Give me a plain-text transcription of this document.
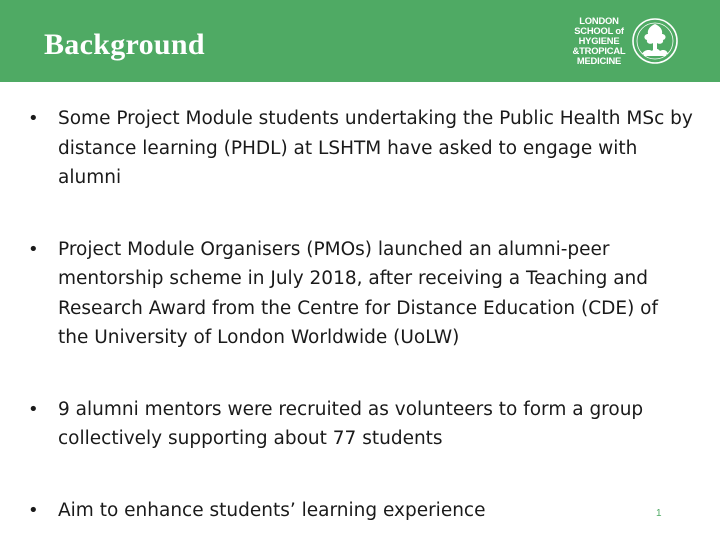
Background
LONDON
SCHOOL of
HYGIENE
&TROPICAL
MEDICINE
• Some Project Module students undertaking the Public Health MSc by distance learning (PHDL) at LSHTM have asked to engage with alumni
• Project Module Organisers (PMOs) launched an alumni-peer mentorship scheme in July 2018, after receiving a Teaching and Research Award from the Centre for Distance Education (CDE) of the University of London Worldwide (UoLW)
• 9 alumni mentors were recruited as volunteers to form a group collectively supporting about 77 students
• Aim to enhance students’ learning experience	1
